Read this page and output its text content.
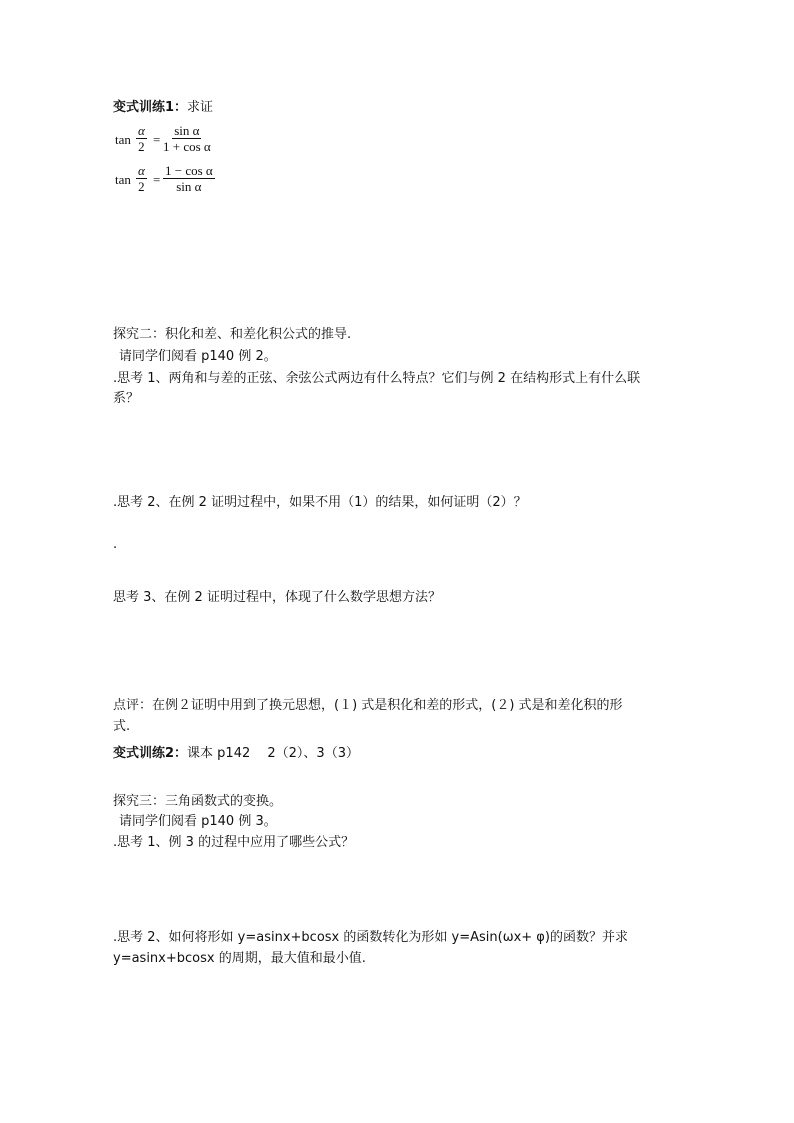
变式训练1：求证
$\tan \frac{\alpha}{2} = \frac{\text{sin α}}{\text{1 + cos α}}$
$\tan \frac{\alpha}{2} = \frac{\text{1 − cos α}}{\text{sin α}}$
探究二：积化和差、和差化积公式的推导.
请同学们阅看 p140 例 2。
.思考 1、两角和与差的正弦、余弦公式两边有什么特点？它们与例 2 在结构形式上有什么联
系？
.思考 2、在例 2 证明过程中，如果不用（1）的结果，如何证明（2）？
.
思考 3、在例 2 证明过程中，体现了什么数学思想方法？
点评：在例２证明中用到了换元思想，(１) 式是积化和差的形式，(２) 式是和差化积的形
式.
变式训练2：课本 p142　 2（2）、3（3）
探究三：三角函数式的变换。
请同学们阅看 p140 例 3。
.思考 1、例 3 的过程中应用了哪些公式？
.思考 2、如何将形如 y=asinx+bcosx 的函数转化为形如 y=Asin(ωx+ φ)的函数？并求
y=asinx+bcosx 的周期，最大值和最小值.
